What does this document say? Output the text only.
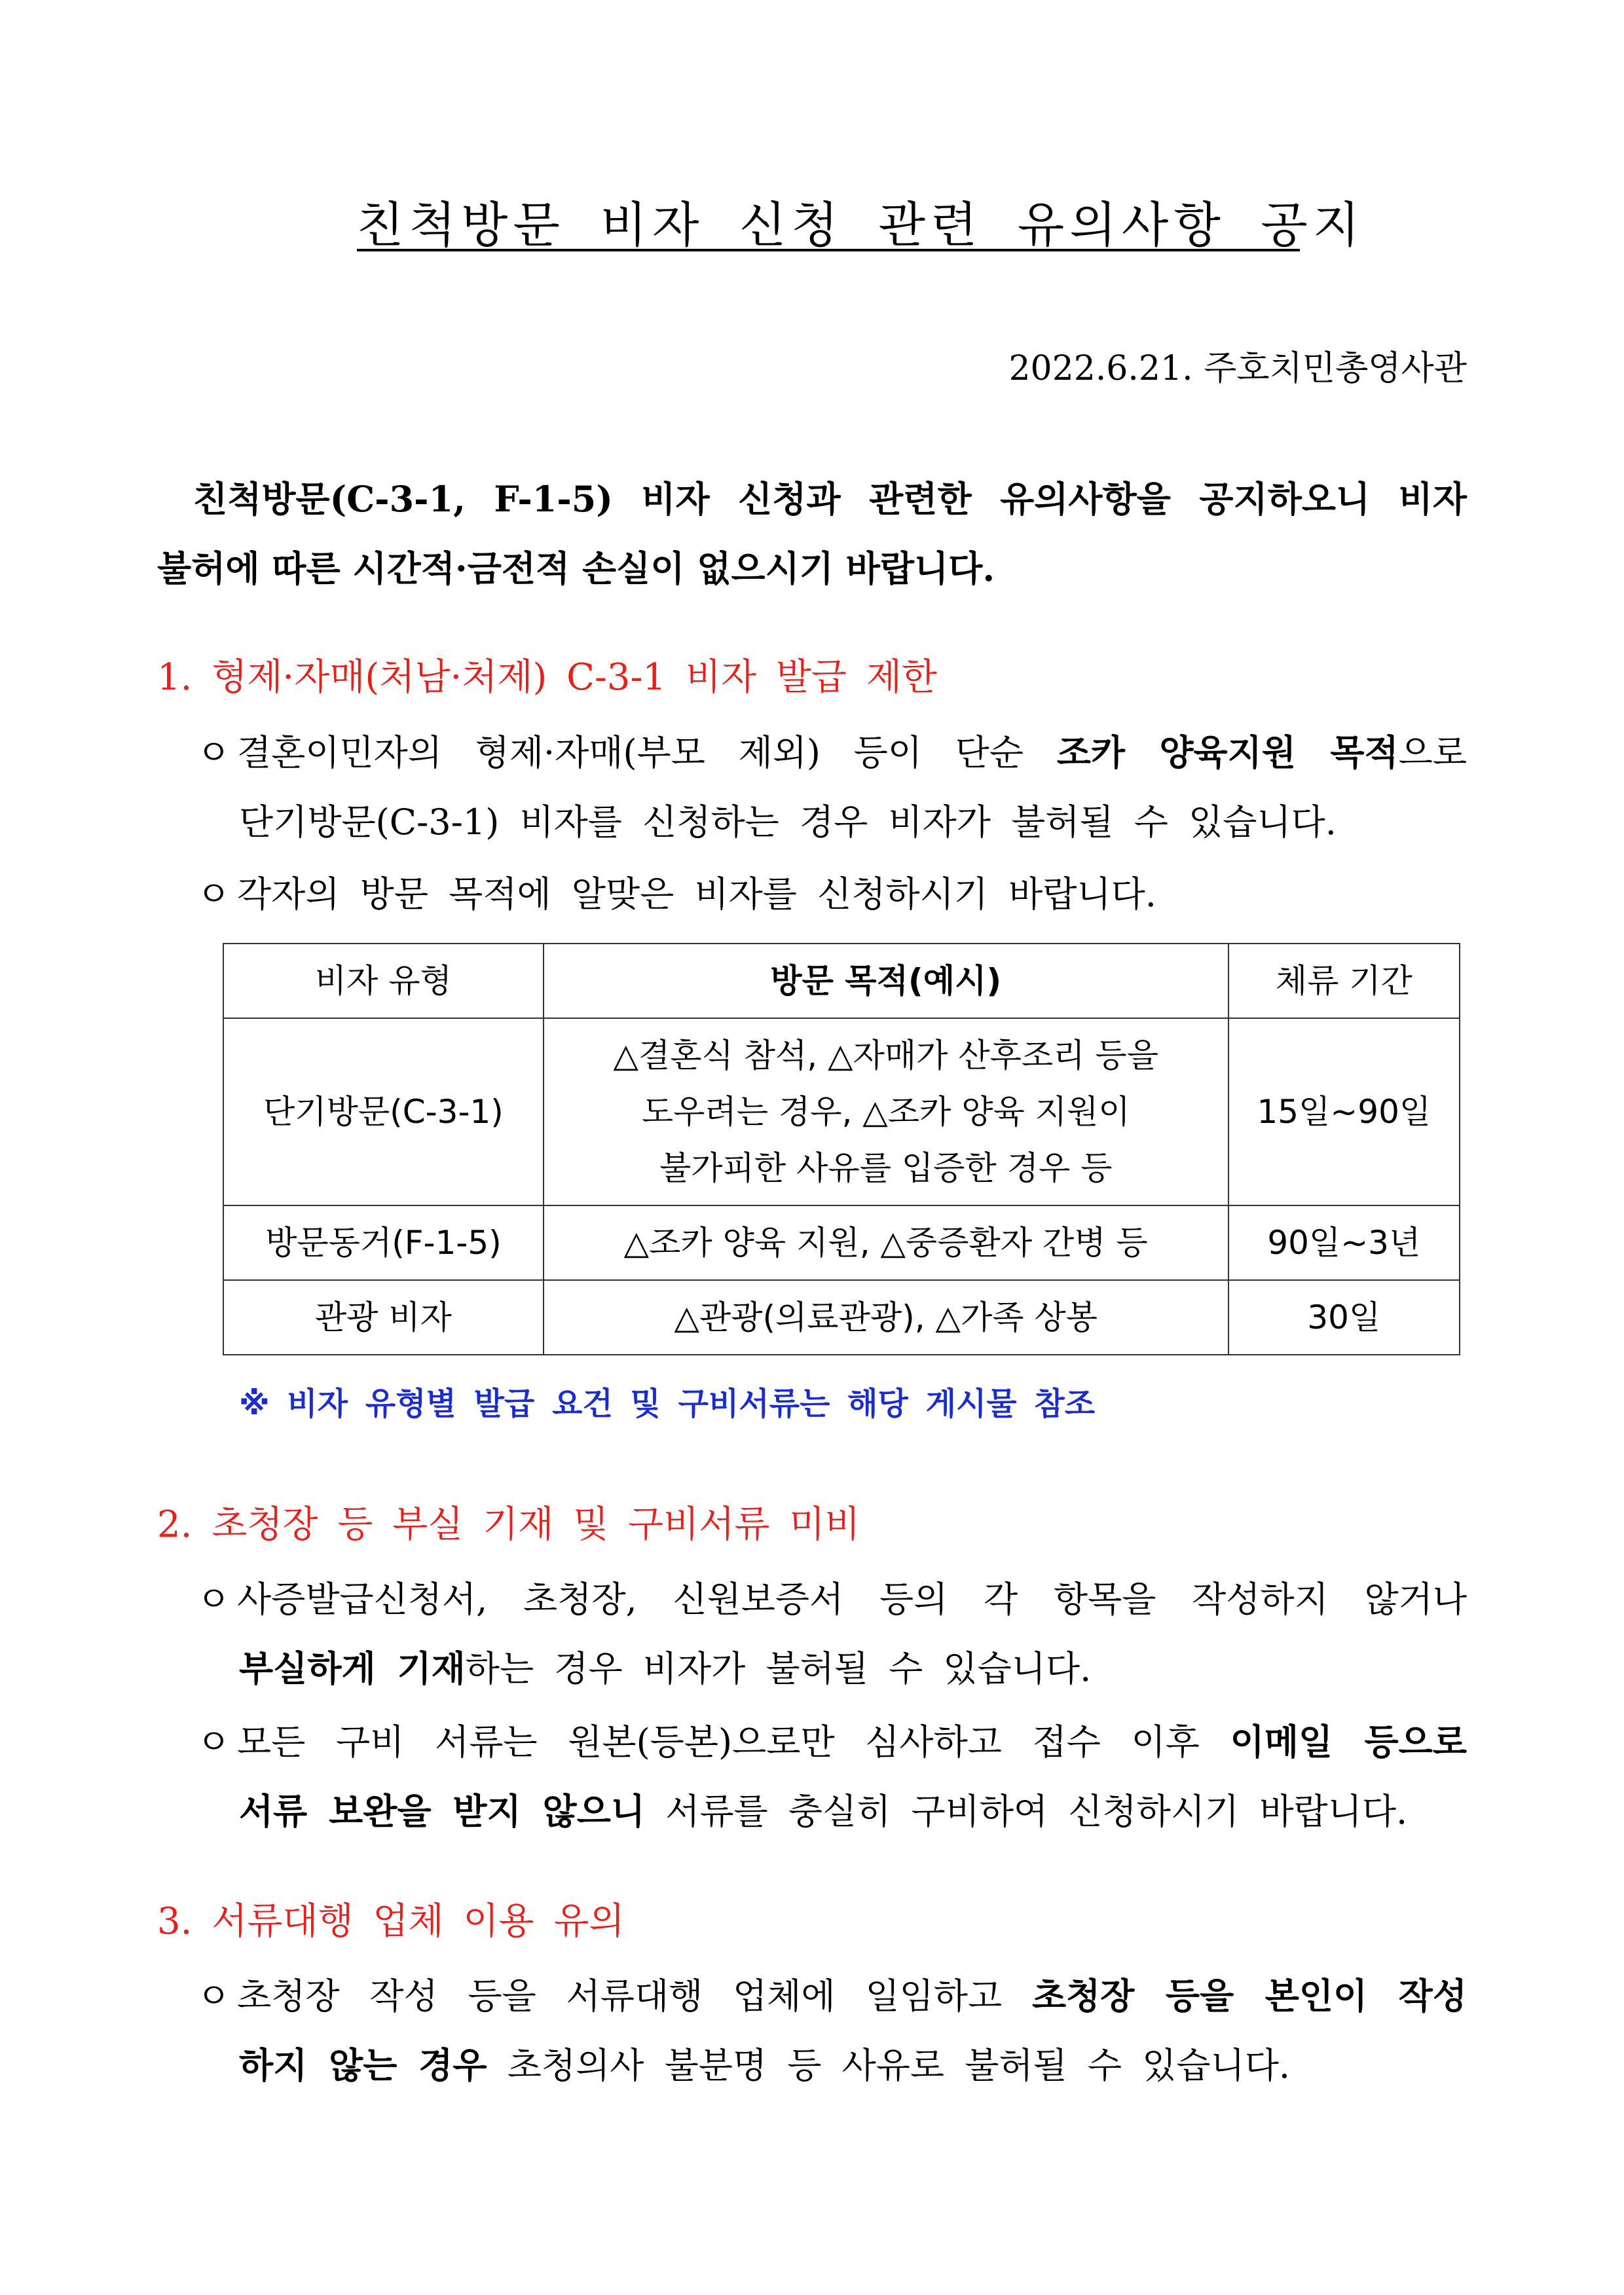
친척방문 비자 신청 관련 유의사항 공지
2022.6.21. 주호치민총영사관
친척방문(C-3-1, F-1-5) 비자 신청과 관련한 유의사항을 공지하오니 비자
불허에 따른 시간적·금전적 손실이 없으시기 바랍니다.
1. 형제·자매(처남·처제) C-3-1 비자 발급 제한
ㅇ 결혼이민자의 형제·자매(부모 제외) 등이 단순 조카 양육지원 목적으로
단기방문(C-3-1) 비자를 신청하는 경우 비자가 불허될 수 있습니다.
ㅇ 각자의 방문 목적에 알맞은 비자를 신청하시기 바랍니다.
비자 유형	방문 목적(예시)	체류 기간
단기방문(C-3-1)	△결혼식 참석, △자매가 산후조리 등을
도우려는 경우, △조카 양육 지원이
불가피한 사유를 입증한 경우 등	15일~90일
방문동거(F-1-5)	△조카 양육 지원, △중증환자 간병 등	90일~3년
관광 비자	△관광(의료관광), △가족 상봉	30일
※ 비자 유형별 발급 요건 및 구비서류는 해당 게시물 참조
2. 초청장 등 부실 기재 및 구비서류 미비
ㅇ 사증발급신청서, 초청장, 신원보증서 등의 각 항목을 작성하지 않거나
부실하게 기재하는 경우 비자가 불허될 수 있습니다.
ㅇ 모든 구비 서류는 원본(등본)으로만 심사하고 접수 이후 이메일 등으로
서류 보완을 받지 않으니 서류를 충실히 구비하여 신청하시기 바랍니다.
3. 서류대행 업체 이용 유의
ㅇ 초청장 작성 등을 서류대행 업체에 일임하고 초청장 등을 본인이 작성
하지 않는 경우 초청의사 불분명 등 사유로 불허될 수 있습니다.
